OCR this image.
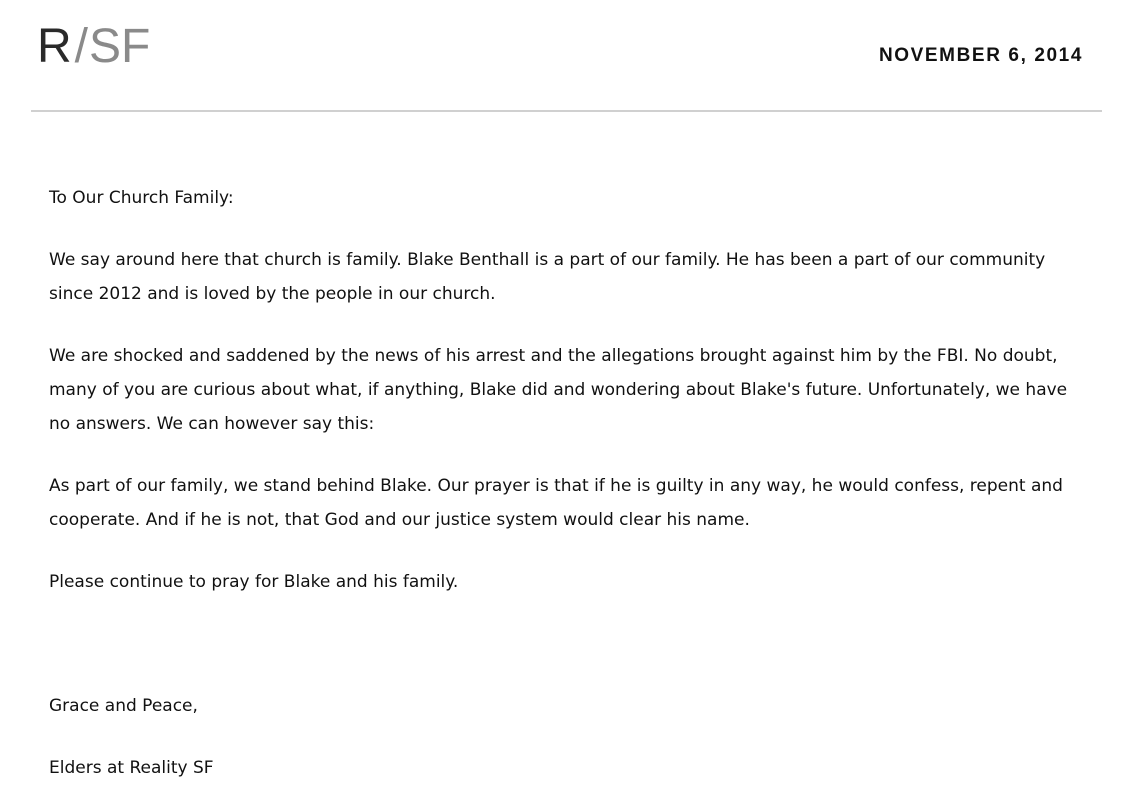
R / SF	NOVEMBER 6, 2014

To Our Church Family:

We say around here that church is family. Blake Benthall is a part of our family. He has been a part of our community since 2012 and is loved by the people in our church.

We are shocked and saddened by the news of his arrest and the allegations brought against him by the FBI. No doubt, many of you are curious about what, if anything, Blake did and wondering about Blake's future. Unfortunately, we have no answers. We can however say this:

As part of our family, we stand behind Blake. Our prayer is that if he is guilty in any way, he would confess, repent and cooperate. And if he is not, that God and our justice system would clear his name.

Please continue to pray for Blake and his family.

Grace and Peace,

Elders at Reality SF
